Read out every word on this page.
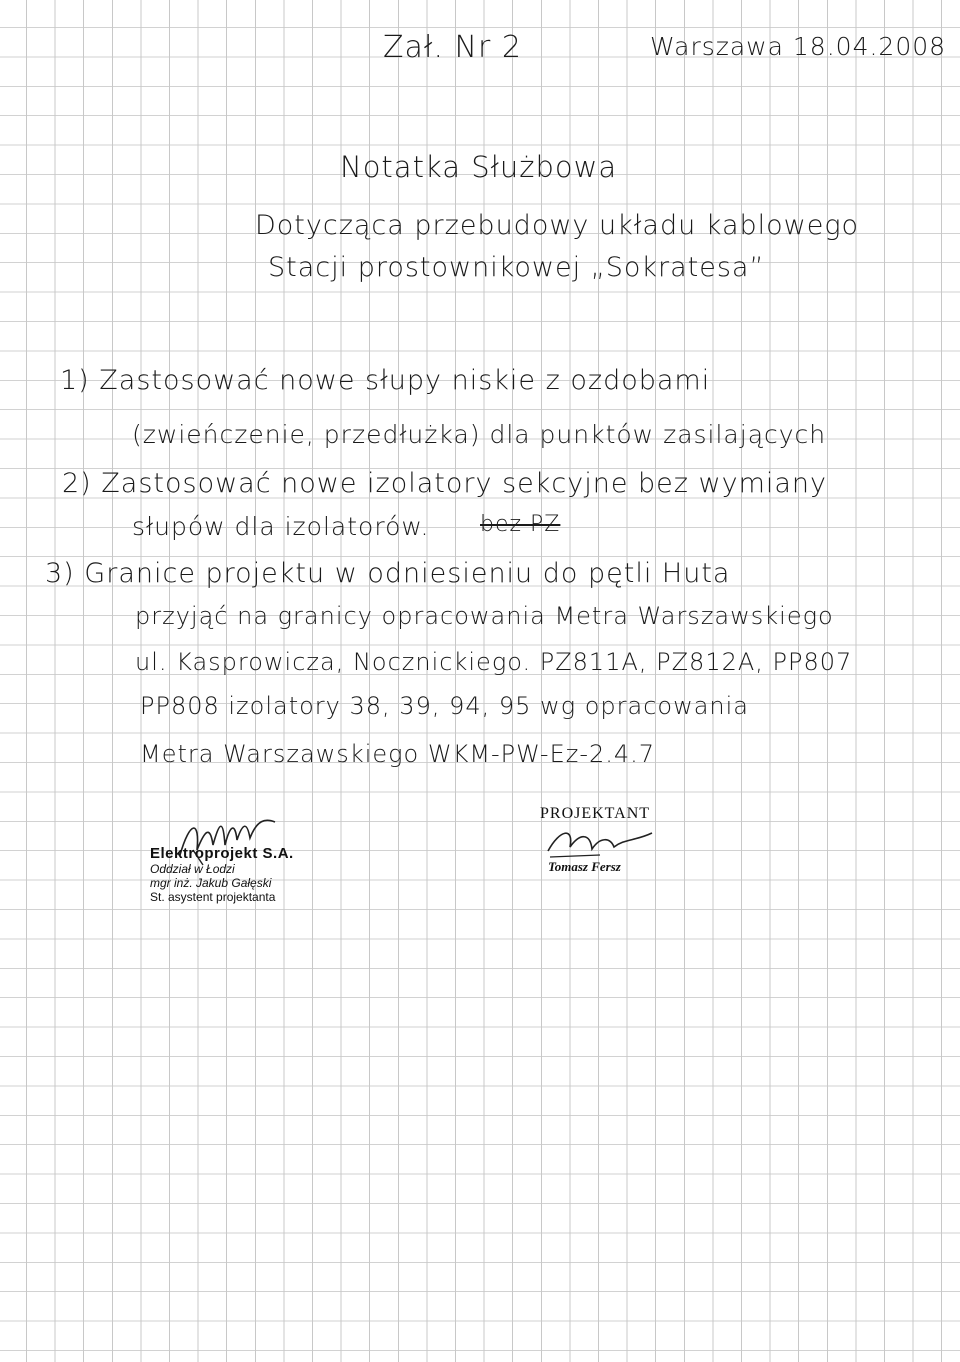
Zał. Nr 2	Warszawa 18.04.2008
Notatka Służbowa
Dotycząca przebudowy układu kablowego
Stacji prostownikowej „Sokratesa”
1) Zastosować nowe słupy niskie z ozdobami
(zwieńczenie, przedłużka) dla punktów zasilających
2) Zastosować nowe izolatory sekcyjne bez wymiany
słupów dla izolatorów. bez PZ
3) Granice projektu w odniesieniu do pętli Huta
przyjąć na granicy opracowania Metra Warszawskiego
ul. Kasprowicza, Nocznickiego. PZ811A, PZ812A, PP807
PP808 izolatory 38, 39, 94, 95 wg opracowania
Metra Warszawskiego WKM-PW-Ez-2.4.7
Elektroprojekt S.A.
Oddział w Łodzi
mgr inż. Jakub Gałęski
St. asystent projektanta
PROJEKTANT
Tomasz Fersz
